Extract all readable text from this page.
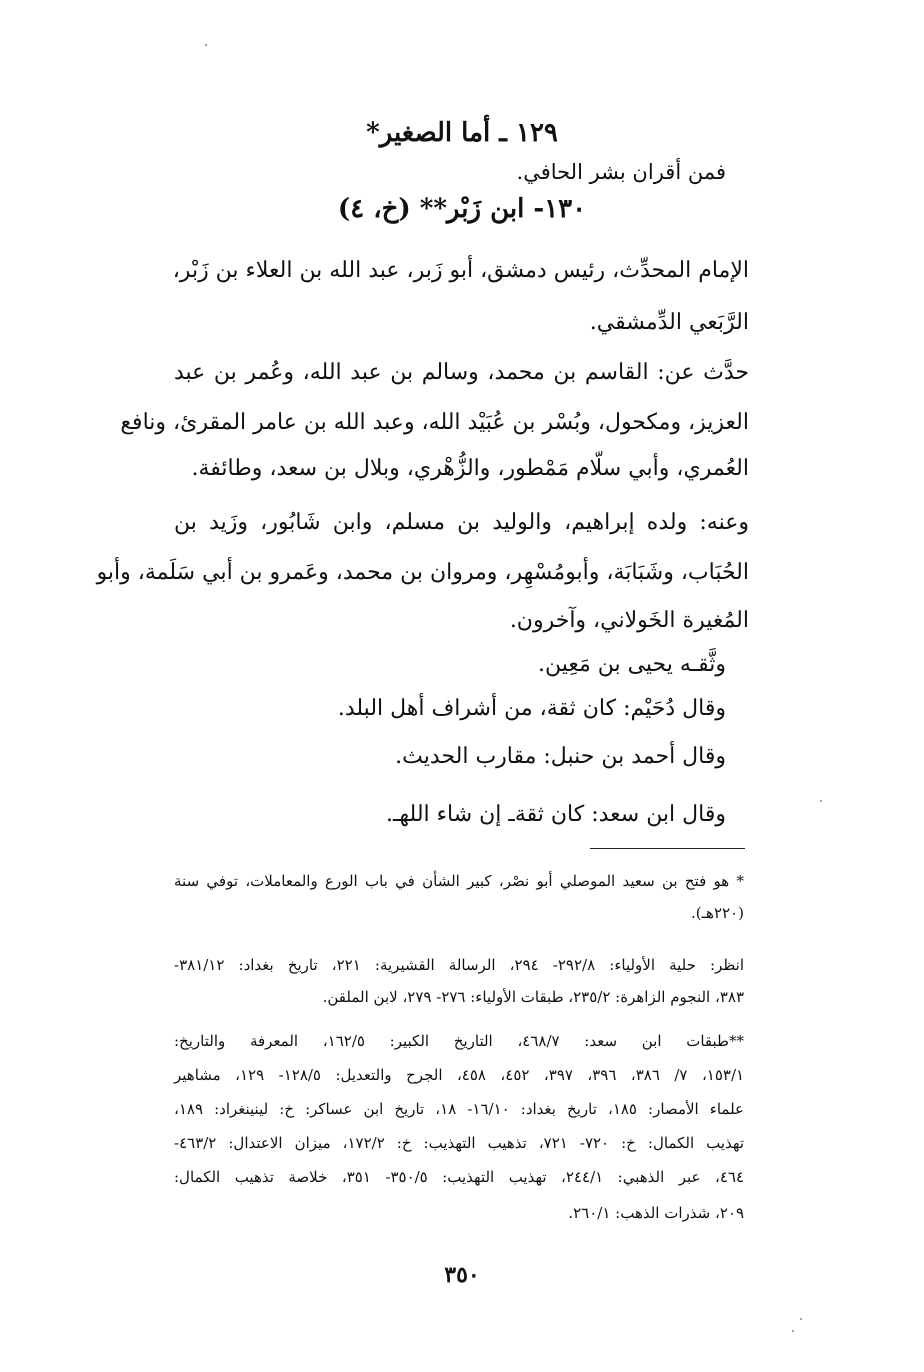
١٢٩ ـ أما الصغير*
فمن أقران بشر الحافي.
١٣٠- ابن زَبْر** (خ، ٤)
الإمام المحدِّث، رئيس دمشق، أبو زَبر، عبد الله بن العلاء بن زَبْر،
الرَّبَعي الدِّمشقي.
حدَّث عن: القاسم بن محمد، وسالم بن عبد الله، وعُمر بن عبد
العزيز، ومكحول، وبُسْر بن عُبَيْد الله، وعبد الله بن عامر المقرئ، ونافع
العُمري، وأبي سلّام مَمْطور، والزُّهْري، وبلال بن سعد، وطائفة.
وعنه: ولده إبراهيم، والوليد بن مسلم، وابن شَابُور، وزَيد بن
الحُبَاب، وشَبَابَة، وأبومُسْهِر، ومروان بن محمد، وعَمرو بن أبي سَلَمة، وأبو
المُغيرة الخَولاني، وآخرون.
وثَّقـه يحيى بن مَعِين.
وقال دُحَيْم: كان ثقة، من أشراف أهل البلد.
وقال أحمد بن حنبل: مقارب الحديث.
وقال ابن سعد: كان ثقةـ إن شاء اللهـ.
* هو فتح بن سعيد الموصلي أبو نصْر، كبير الشأن في باب الورع والمعاملات، توفي سنة
(٢٢٠هـ).
انظر: حلية الأولياء: ٢٩٢/٨- ٢٩٤، الرسالة القشيرية: ٢٢١، تاريخ بغداد: ٣٨١/١٢-
٣٨٣، النجوم الزاهرة: ٢٣٥/٢، طبقات الأولياء: ٢٧٦- ٢٧٩، لابن الملقن.
**طبقات ابن سعد: ٤٦٨/٧، التاريخ الكبير: ١٦٢/٥، المعرفة والتاريخ:
١٥٣/١، ٧/ ٣٨٦، ٣٩٦، ٣٩٧، ٤٥٢، ٤٥٨، الجرح والتعديل: ١٢٨/٥- ١٢٩، مشاهير
علماء الأمصار: ١٨٥، تاريخ بغداد: ١٦/١٠- ١٨، تاريخ ابن عساكر: خ: لينينغراد: ١٨٩،
تهذيب الكمال: خ: ٧٢٠- ٧٢١، تذهيب التهذيب: خ: ١٧٢/٢، ميزان الاعتدال: ٤٦٣/٢-
٤٦٤، عبر الذهبي: ٢٤٤/١، تهذيب التهذيب: ٣٥٠/٥- ٣٥١، خلاصة تذهيب الكمال:
٢٠٩، شذرات الذهب: ٢٦٠/١.
٣٥٠
